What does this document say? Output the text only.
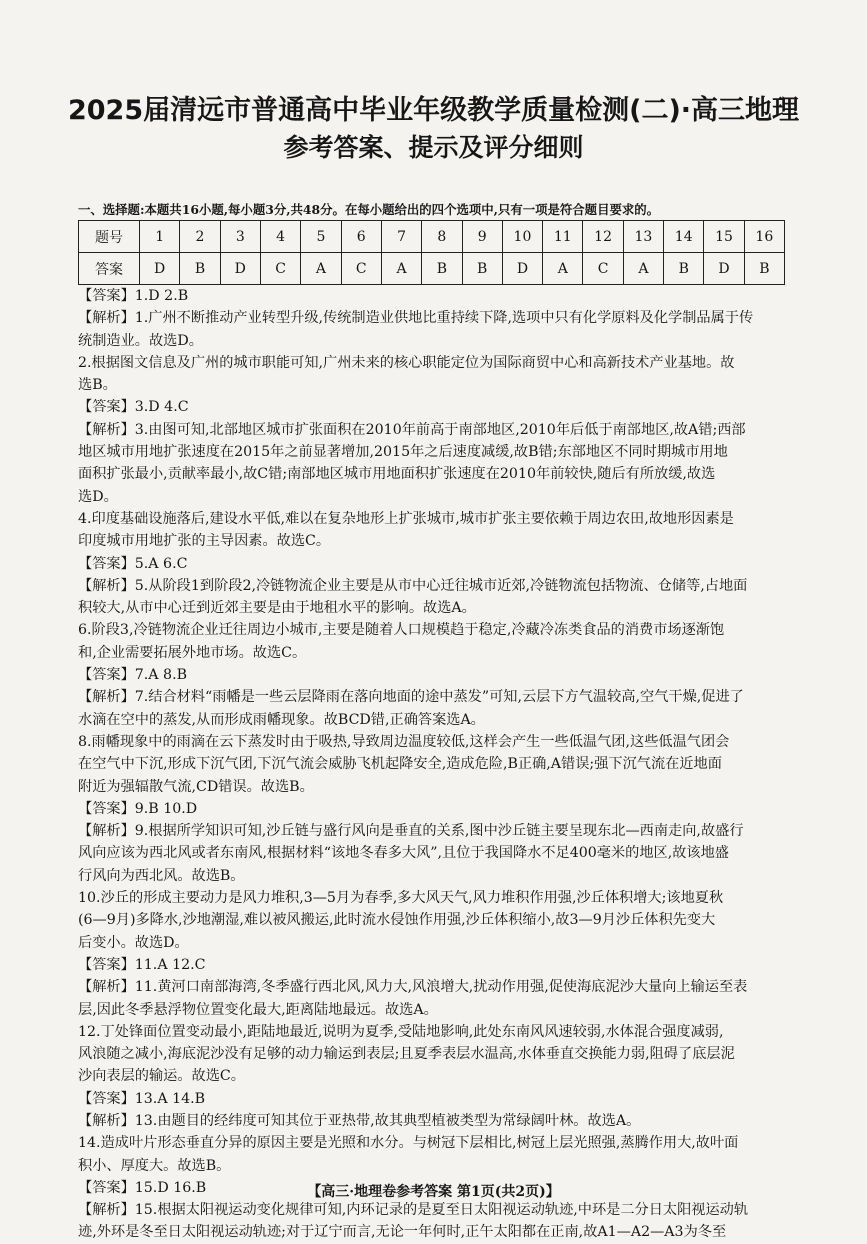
2025届清远市普通高中毕业年级教学质量检测(二)·高三地理
参考答案、提示及评分细则
一、选择题:本题共16小题,每小题3分,共48分。在每小题给出的四个选项中,只有一项是符合题目要求的。
题号	1	2	3	4	5	6	7	8	9	10	11	12	13	14	15	16
答案	D	B	D	C	A	C	A	B	B	D	A	C	A	B	D	B

【答案】1.D 2.B

【解析】1.广州不断推动产业转型升级,传统制造业供地比重持续下降,选项中只有化学原料及化学制品属于传

统制造业。故选D。

2.根据图文信息及广州的城市职能可知,广州未来的核心职能定位为国际商贸中心和高新技术产业基地。故

选B。

【答案】3.D 4.C

【解析】3.由图可知,北部地区城市扩张面积在2010年前高于南部地区,2010年后低于南部地区,故A错;西部

地区城市用地扩张速度在2015年之前显著增加,2015年之后速度减缓,故B错;东部地区不同时期城市用地

面积扩张最小,贡献率最小,故C错;南部地区城市用地面积扩张速度在2010年前较快,随后有所放缓,故选

选D。

4.印度基础设施落后,建设水平低,难以在复杂地形上扩张城市,城市扩张主要依赖于周边农田,故地形因素是

印度城市用地扩张的主导因素。故选C。

【答案】5.A 6.C

【解析】5.从阶段1到阶段2,冷链物流企业主要是从市中心迁往城市近郊,冷链物流包括物流、仓储等,占地面

积较大,从市中心迁到近郊主要是由于地租水平的影响。故选A。

6.阶段3,冷链物流企业迁往周边小城市,主要是随着人口规模趋于稳定,冷藏冷冻类食品的消费市场逐渐饱

和,企业需要拓展外地市场。故选C。

【答案】7.A 8.B

【解析】7.结合材料“雨幡是一些云层降雨在落向地面的途中蒸发”可知,云层下方气温较高,空气干燥,促进了

水滴在空中的蒸发,从而形成雨幡现象。故BCD错,正确答案选A。

8.雨幡现象中的雨滴在云下蒸发时由于吸热,导致周边温度较低,这样会产生一些低温气团,这些低温气团会

在空气中下沉,形成下沉气团,下沉气流会威胁飞机起降安全,造成危险,B正确,A错误;强下沉气流在近地面

附近为强辐散气流,CD错误。故选B。

【答案】9.B 10.D

【解析】9.根据所学知识可知,沙丘链与盛行风向是垂直的关系,图中沙丘链主要呈现东北—西南走向,故盛行

风向应该为西北风或者东南风,根据材料“该地冬春多大风”,且位于我国降水不足400毫米的地区,故该地盛

行风向为西北风。故选B。

10.沙丘的形成主要动力是风力堆积,3—5月为春季,多大风天气,风力堆积作用强,沙丘体积增大;该地夏秋

(6—9月)多降水,沙地潮湿,难以被风搬运,此时流水侵蚀作用强,沙丘体积缩小,故3—9月沙丘体积先变大

后变小。故选D。

【答案】11.A 12.C

【解析】11.黄河口南部海湾,冬季盛行西北风,风力大,风浪增大,扰动作用强,促使海底泥沙大量向上输运至表

层,因此冬季悬浮物位置变化最大,距离陆地最远。故选A。

12.丁处锋面位置变动最小,距陆地最近,说明为夏季,受陆地影响,此处东南风风速较弱,水体混合强度减弱,

风浪随之减小,海底泥沙没有足够的动力输运到表层;且夏季表层水温高,水体垂直交换能力弱,阻碍了底层泥

沙向表层的输运。故选C。

【答案】13.A 14.B

【解析】13.由题目的经纬度可知其位于亚热带,故其典型植被类型为常绿阔叶林。故选A。

14.造成叶片形态垂直分异的原因主要是光照和水分。与树冠下层相比,树冠上层光照强,蒸腾作用大,故叶面

积小、厚度大。故选B。

【答案】15.D 16.B

【解析】15.根据太阳视运动变化规律可知,内环记录的是夏至日太阳视运动轨迹,中环是二分日太阳视运动轨

迹,外环是冬至日太阳视运动轨迹;对于辽宁而言,无论一年何时,正午太阳都在正南,故A1—A2—A3为冬至

【高三·地理卷参考答案 第1页(共2页)】
